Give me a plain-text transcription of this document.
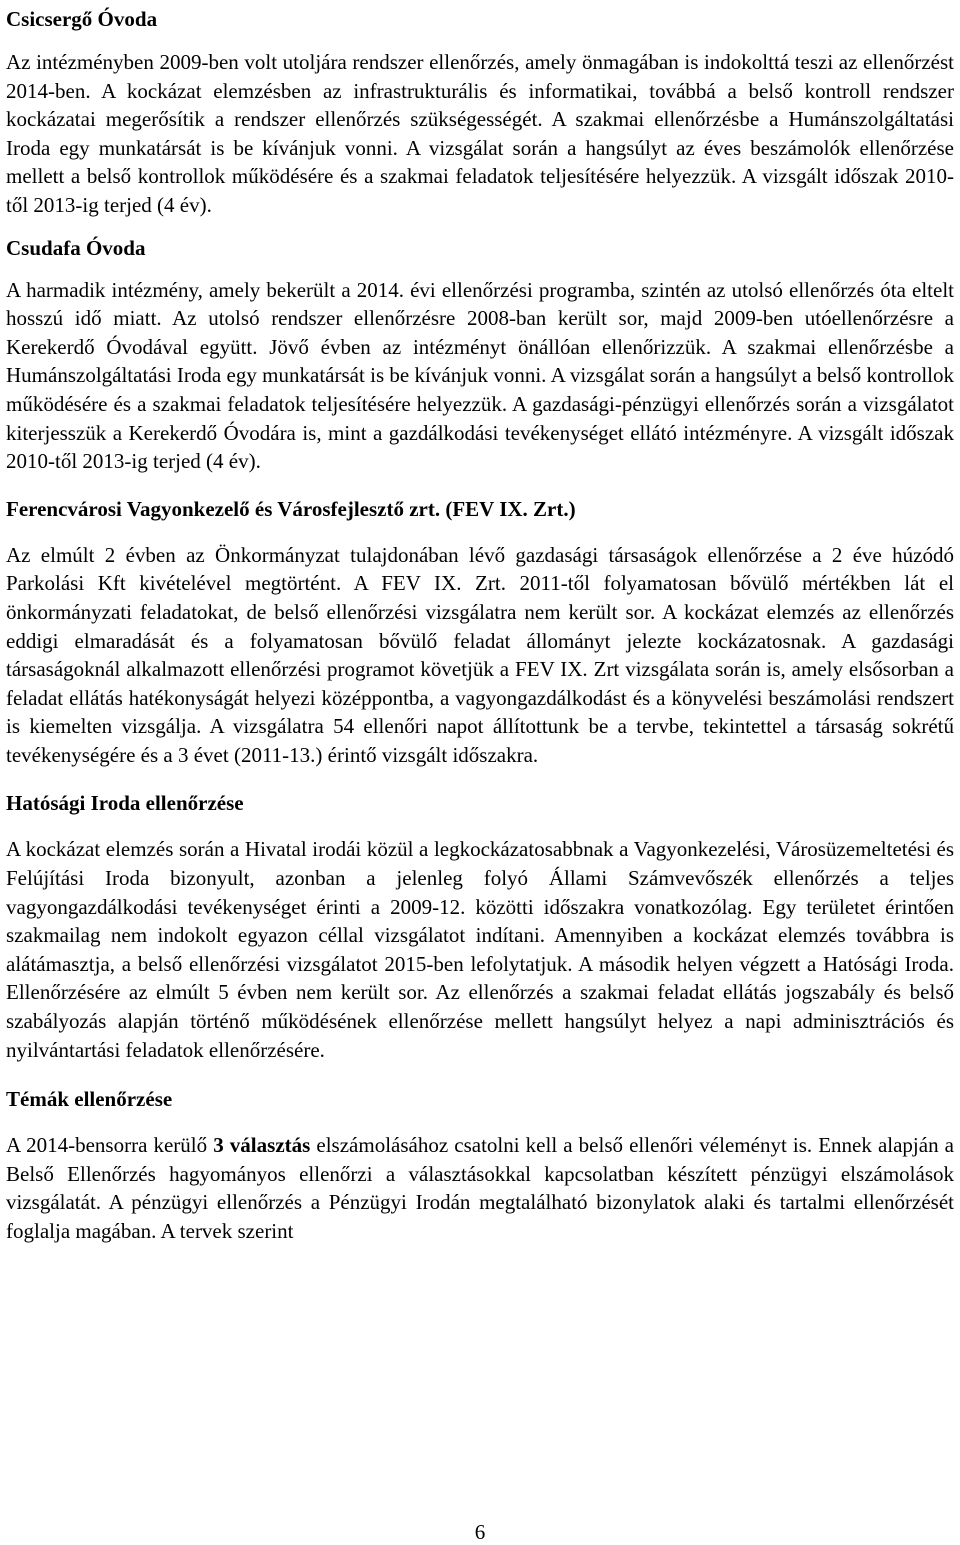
Csicsergő Óvoda

Az intézményben 2009-ben volt utoljára rendszer ellenőrzés, amely önmagában is indokolttá teszi az ellenőrzést 2014-ben. A kockázat elemzésben az infrastrukturális és informatikai, továbbá a belső kontroll rendszer kockázatai megerősítik a rendszer ellenőrzés szükségességét. A szakmai ellenőrzésbe a Humánszolgáltatási Iroda egy munkatársát is be kívánjuk vonni. A vizsgálat során a hangsúlyt az éves beszámolók ellenőrzése mellett a belső kontrollok működésére és a szakmai feladatok teljesítésére helyezzük. A vizsgált időszak 2010-től 2013-ig terjed (4 év).

Csudafa Óvoda

A harmadik intézmény, amely bekerült a 2014. évi ellenőrzési programba, szintén az utolsó ellenőrzés óta eltelt hosszú idő miatt. Az utolsó rendszer ellenőrzésre 2008-ban került sor, majd 2009-ben utóellenőrzésre a Kerekerdő Óvodával együtt. Jövő évben az intézményt önállóan ellenőrizzük. A szakmai ellenőrzésbe a Humánszolgáltatási Iroda egy munkatársát is be kívánjuk vonni. A vizsgálat során a hangsúlyt a belső kontrollok működésére és a szakmai feladatok teljesítésére helyezzük. A gazdasági-pénzügyi ellenőrzés során a vizsgálatot kiterjesszük a Kerekerdő Óvodára is, mint a gazdálkodási tevékenységet ellátó intézményre. A vizsgált időszak 2010-től 2013-ig terjed (4 év).

Ferencvárosi Vagyonkezelő és Városfejlesztő zrt. (FEV IX. Zrt.)

Az elmúlt 2 évben az Önkormányzat tulajdonában lévő gazdasági társaságok ellenőrzése a 2 éve húzódó Parkolási Kft kivételével megtörtént. A FEV IX. Zrt. 2011-től folyamatosan bővülő mértékben lát el önkormányzati feladatokat, de belső ellenőrzési vizsgálatra nem került sor. A kockázat elemzés az ellenőrzés eddigi elmaradását és a folyamatosan bővülő feladat állományt jelezte kockázatosnak. A gazdasági társaságoknál alkalmazott ellenőrzési programot követjük a FEV IX. Zrt vizsgálata során is, amely elsősorban a feladat ellátás hatékonyságát helyezi középpontba, a vagyongazdálkodást és a könyvelési beszámolási rendszert is kiemelten vizsgálja. A vizsgálatra 54 ellenőri napot állítottunk be a tervbe, tekintettel a társaság sokrétű tevékenységére és a 3 évet (2011-13.) érintő vizsgált időszakra.

Hatósági Iroda ellenőrzése

A kockázat elemzés során a Hivatal irodái közül a legkockázatosabbnak a Vagyonkezelési, Városüzemeltetési és Felújítási Iroda bizonyult, azonban a jelenleg folyó Állami Számvevőszék ellenőrzés a teljes vagyongazdálkodási tevékenységet érinti a 2009-12. közötti időszakra vonatkozólag. Egy területet érintően szakmailag nem indokolt egyazon céllal vizsgálatot indítani. Amennyiben a kockázat elemzés továbbra is alátámasztja, a belső ellenőrzési vizsgálatot 2015-ben lefolytatjuk. A második helyen végzett a Hatósági Iroda. Ellenőrzésére az elmúlt 5 évben nem került sor. Az ellenőrzés a szakmai feladat ellátás jogszabály és belső szabályozás alapján történő működésének ellenőrzése mellett hangsúlyt helyez a napi adminisztrációs és nyilvántartási feladatok ellenőrzésére.

Témák ellenőrzése

A 2014-bensorra kerülő 3 választás elszámolásához csatolni kell a belső ellenőri véleményt is. Ennek alapján a Belső Ellenőrzés hagyományos ellenőrzi a választásokkal kapcsolatban készített pénzügyi elszámolások vizsgálatát. A pénzügyi ellenőrzés a Pénzügyi Irodán megtalálható bizonylatok alaki és tartalmi ellenőrzését foglalja magában. A tervek szerint

6
